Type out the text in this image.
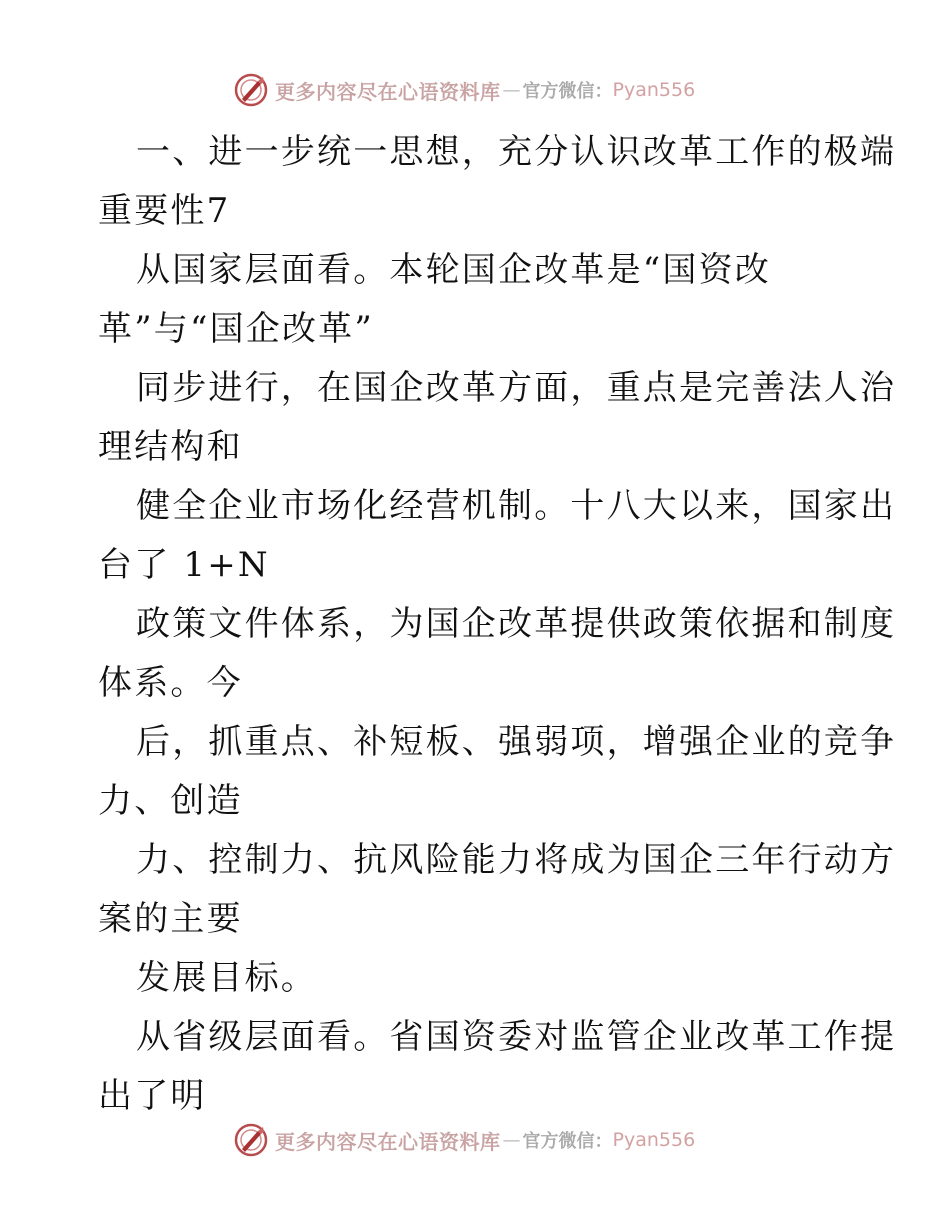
更多内容尽在心语资料库 — 官方微信： Pyan556
一、进一步统一思想，充分认识改革工作的极端
重要性7
从国家层面看。本轮国企改革是“国资改
革”与“国企改革”
同步进行，在国企改革方面，重点是完善法人治
理结构和
健全企业市场化经营机制。十八大以来，国家出
台了 1+N
政策文件体系，为国企改革提供政策依据和制度
体系。今
后，抓重点、补短板、强弱项，增强企业的竞争
力、创造
力、控制力、抗风险能力将成为国企三年行动方
案的主要
发展目标。
从省级层面看。省国资委对监管企业改革工作提
出了明
更多内容尽在心语资料库 — 官方微信： Pyan556
